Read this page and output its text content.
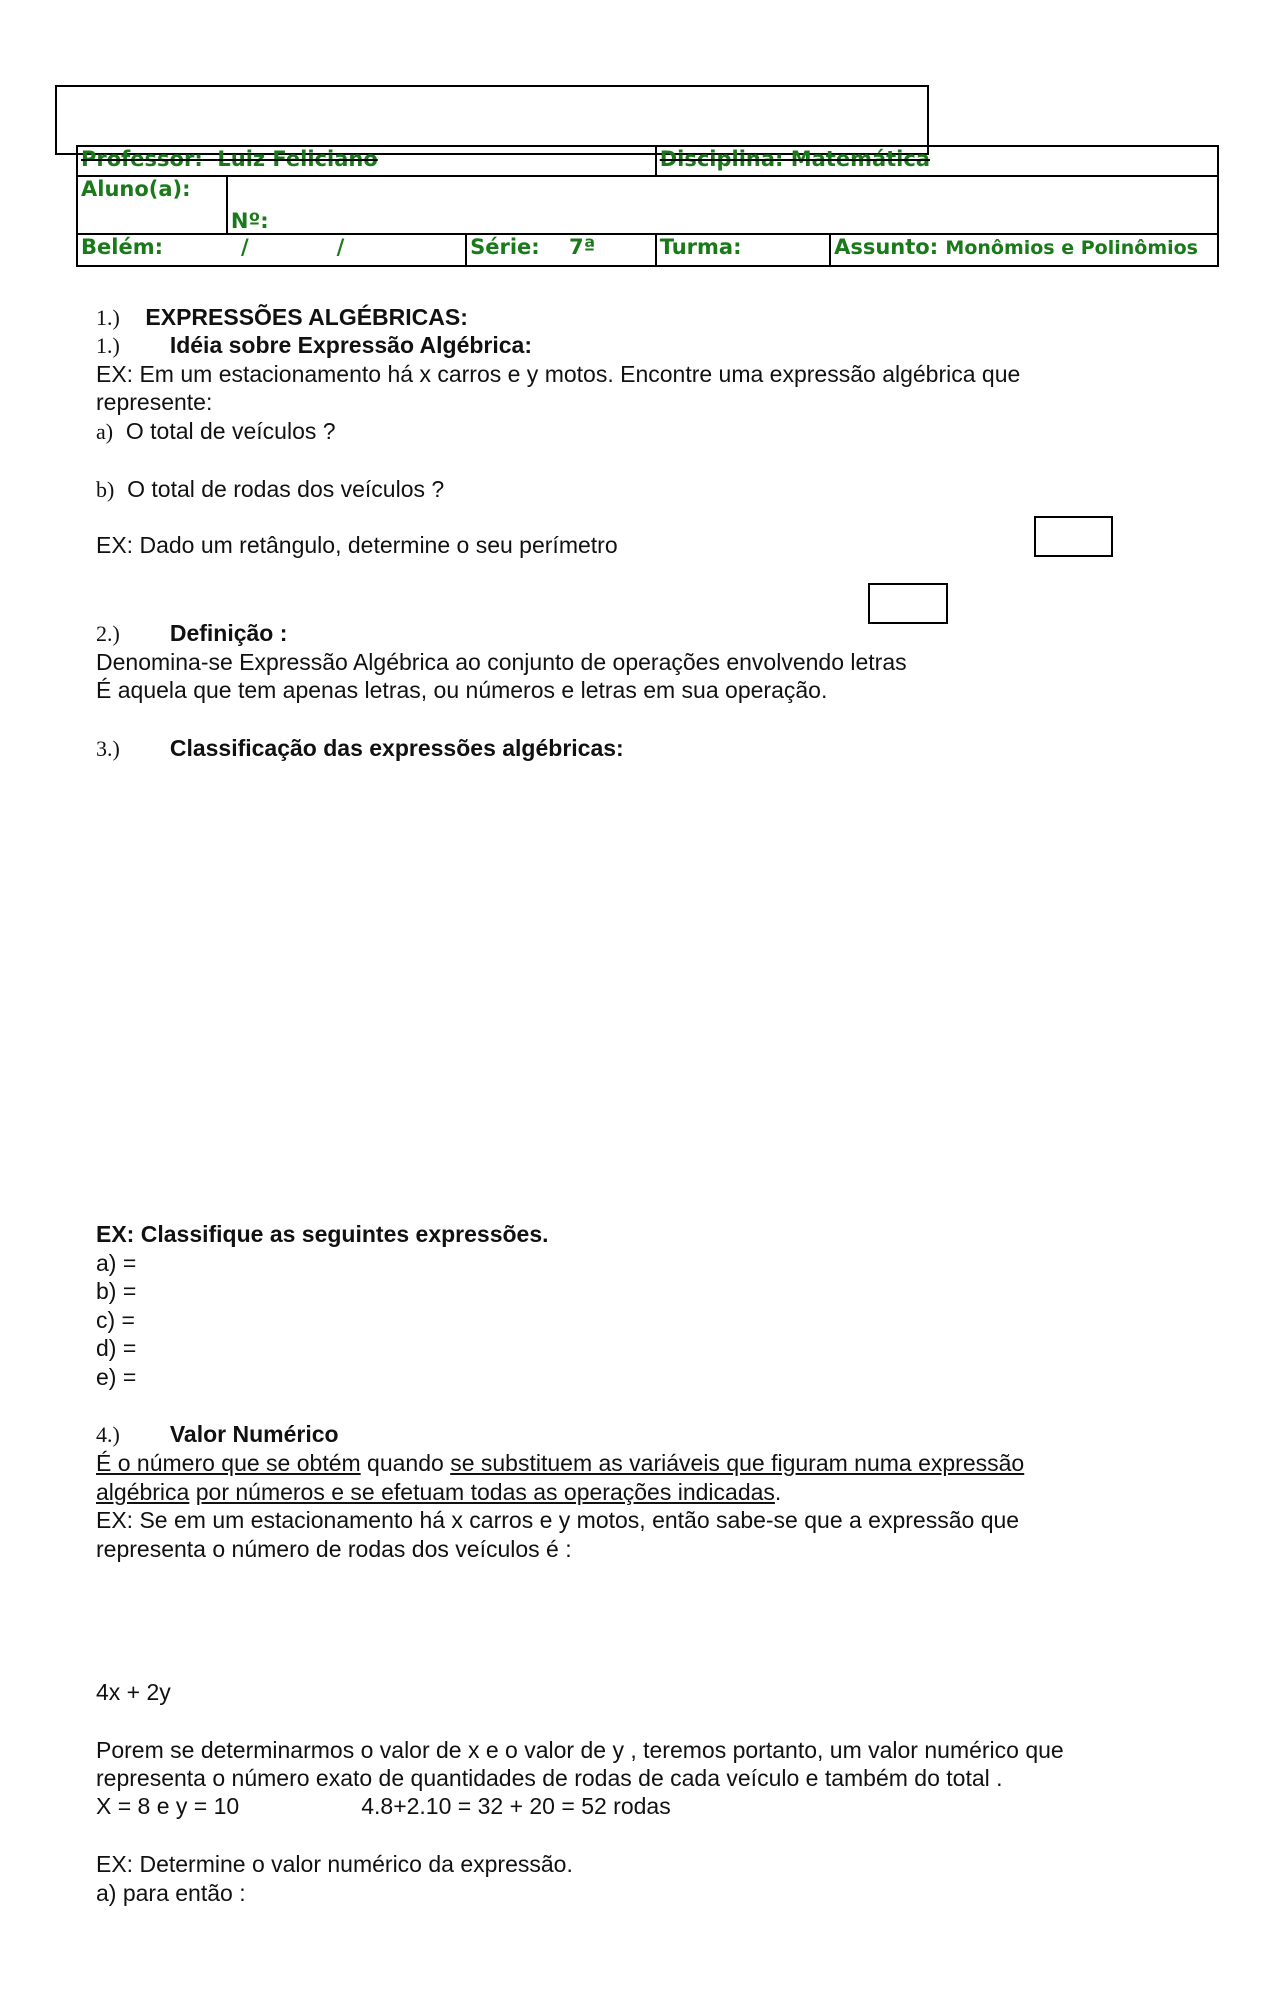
Professor: Luiz Feliciano			Disciplina: Matemática	
Aluno(a):	Nº:			
Belém: / /		Série: 7ª	Turma:	Assunto: Monômios e Polinômios
1.) EXPRESSÕES ALGÉBRICAS:
1.) Idéia sobre Expressão Algébrica:
EX: Em um estacionamento há x carros e y motos. Encontre uma expressão algébrica que
represente:
a) O total de veículos ?
b) O total de rodas dos veículos ?
EX: Dado um retângulo, determine o seu perímetro
2.) Definição :
Denomina-se Expressão Algébrica ao conjunto de operações envolvendo letras
É aquela que tem apenas letras, ou números e letras em sua operação.
3.) Classificação das expressões algébricas:
EX: Classifique as seguintes expressões.
a) =
b) =
c) =
d) =
e) =
4.) Valor Numérico
É o número que se obtém quando se substituem as variáveis que figuram numa expressão
algébrica por números e se efetuam todas as operações indicadas.
EX: Se em um estacionamento há x carros e y motos, então sabe-se que a expressão que
representa o número de rodas dos veículos é :
4x + 2y
Porem se determinarmos o valor de x e o valor de y , teremos portanto, um valor numérico que
representa o número exato de quantidades de rodas de cada veículo e também do total .
X = 8 e y = 10	4.8+2.10 = 32 + 20 = 52 rodas
EX: Determine o valor numérico da expressão.
a) para então :
